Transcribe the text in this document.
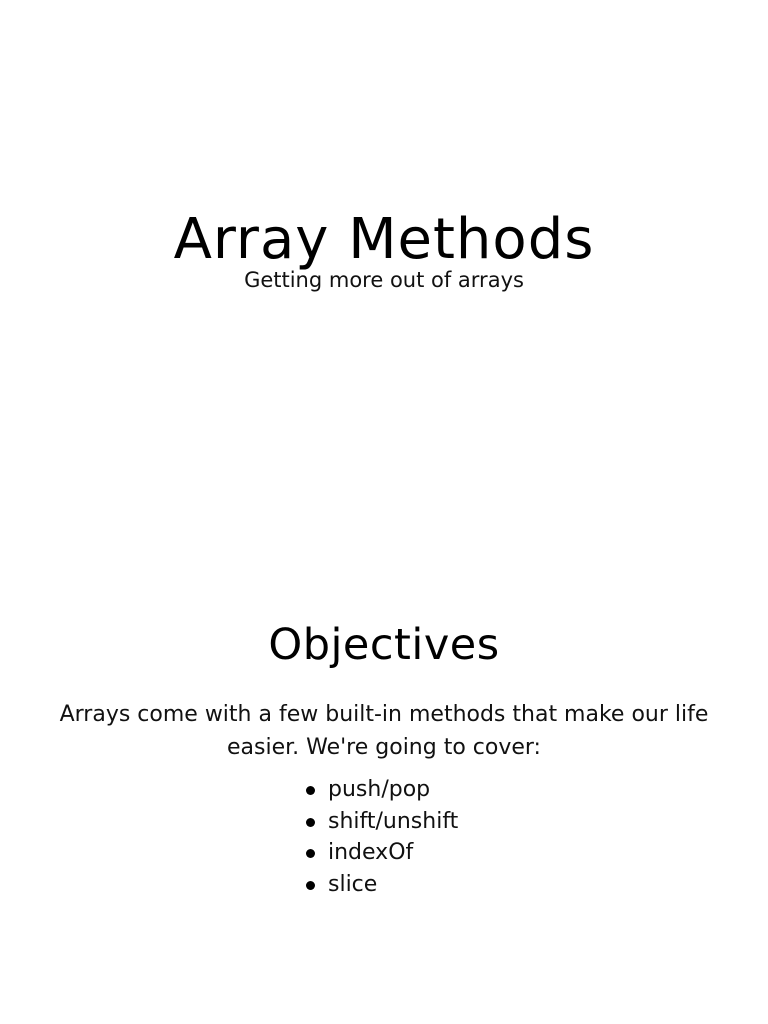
Array Methods

Getting more out of arrays

Objectives

Arrays come with a few built-in methods that make our life easier. We're going to cover:

push/pop
shift/unshift
indexOf
slice
